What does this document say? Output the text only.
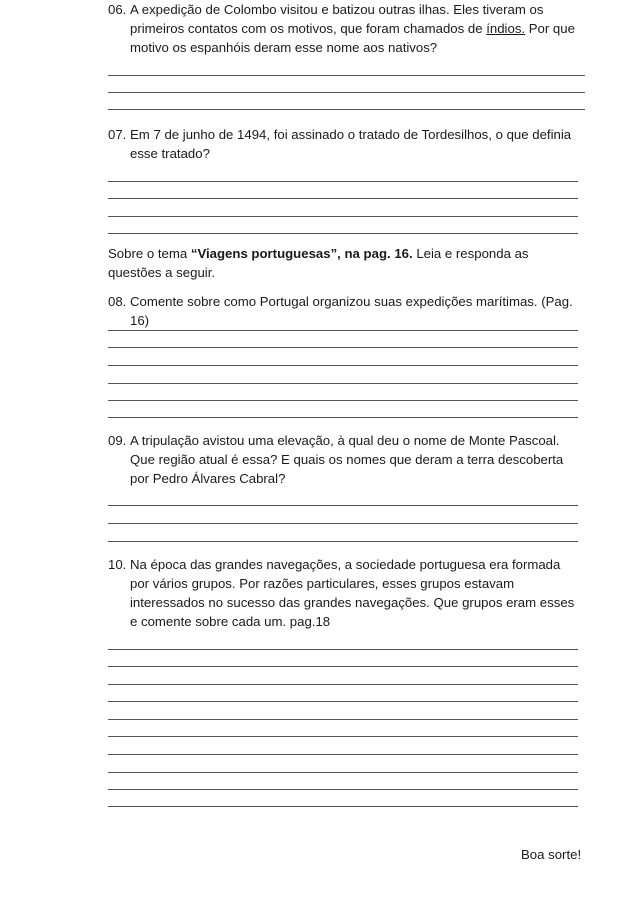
06. A expedição de Colombo visitou e batizou outras ilhas. Eles tiveram os primeiros contatos com os motivos, que foram chamados de índios. Por que motivo os espanhóis deram esse nome aos nativos?
07. Em 7 de junho de 1494, foi assinado o tratado de Tordesilhos, o que definia esse tratado?
Sobre o tema “Viagens portuguesas”, na pag. 16. Leia e responda as questões a seguir.
08. Comente sobre como Portugal organizou suas expedições marítimas. (Pag. 16)
09. A tripulação avistou uma elevação, à qual deu o nome de Monte Pascoal. Que região atual é essa? E quais os nomes que deram a terra descoberta por Pedro Álvares Cabral?
10. Na época das grandes navegações, a sociedade portuguesa era formada por vários grupos. Por razões particulares, esses grupos estavam interessados no sucesso das grandes navegações. Que grupos eram esses e comente sobre cada um. pag.18
Boa sorte!
